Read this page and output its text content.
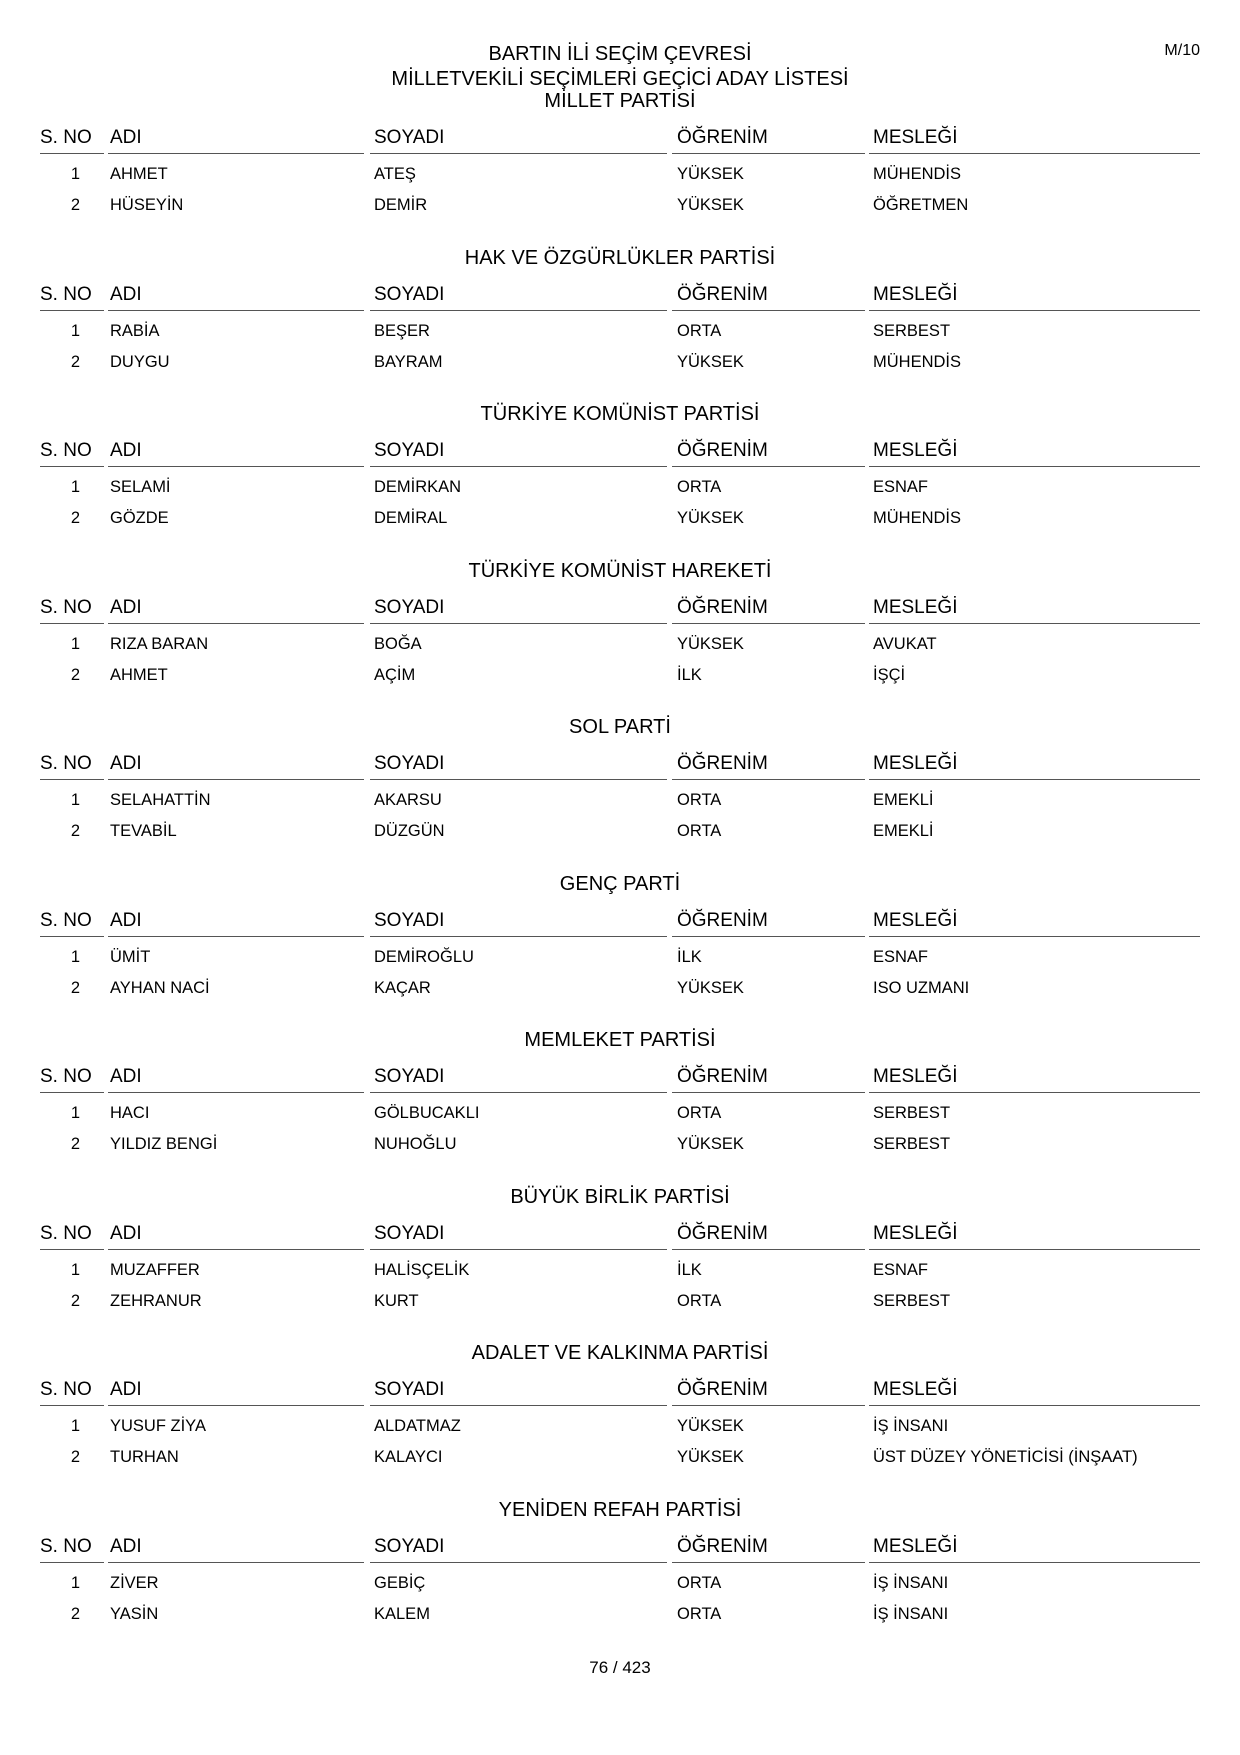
M/10
BARTIN İLİ SEÇİM ÇEVRESİ
MİLLETVEKİLİ SEÇİMLERİ GEÇİCİ ADAY LİSTESİ
MİLLET PARTİSİ
S. NO ADI	SOYADI	ÖĞRENİM	MESLEĞİ
1 AHMET	ATEŞ	YÜKSEK	MÜHENDİS
2 HÜSEYİN	DEMİR	YÜKSEK	ÖĞRETMEN
HAK VE ÖZGÜRLÜKLER PARTİSİ
S. NO ADI	SOYADI	ÖĞRENİM	MESLEĞİ
1 RABİA	BEŞER	ORTA	SERBEST
2 DUYGU	BAYRAM	YÜKSEK	MÜHENDİS
TÜRKİYE KOMÜNİST PARTİSİ
S. NO ADI	SOYADI	ÖĞRENİM	MESLEĞİ
1 SELAMİ	DEMİRKAN	ORTA	ESNAF
2 GÖZDE	DEMİRAL	YÜKSEK	MÜHENDİS
TÜRKİYE KOMÜNİST HAREKETİ
S. NO ADI	SOYADI	ÖĞRENİM	MESLEĞİ
1 RIZA BARAN	BOĞA	YÜKSEK	AVUKAT
2 AHMET	AÇİM	İLK	İŞÇİ
SOL PARTİ
S. NO ADI	SOYADI	ÖĞRENİM	MESLEĞİ
1 SELAHATTİN	AKARSU	ORTA	EMEKLİ
2 TEVABİL	DÜZGÜN	ORTA	EMEKLİ
GENÇ PARTİ
S. NO ADI	SOYADI	ÖĞRENİM	MESLEĞİ
1 ÜMİT	DEMİROĞLU	İLK	ESNAF
2 AYHAN NACİ	KAÇAR	YÜKSEK	ISO UZMANI
MEMLEKET PARTİSİ
S. NO ADI	SOYADI	ÖĞRENİM	MESLEĞİ
1 HACI	GÖLBUCAKLI	ORTA	SERBEST
2 YILDIZ BENGİ	NUHOĞLU	YÜKSEK	SERBEST
BÜYÜK BİRLİK PARTİSİ
S. NO ADI	SOYADI	ÖĞRENİM	MESLEĞİ
1 MUZAFFER	HALİSÇELİK	İLK	ESNAF
2 ZEHRANUR	KURT	ORTA	SERBEST
ADALET VE KALKINMA PARTİSİ
S. NO ADI	SOYADI	ÖĞRENİM	MESLEĞİ
1 YUSUF ZİYA	ALDATMAZ	YÜKSEK	İŞ İNSANI
2 TURHAN	KALAYCI	YÜKSEK	ÜST DÜZEY YÖNETİCİSİ (İNŞAAT)
YENİDEN REFAH PARTİSİ
S. NO ADI	SOYADI	ÖĞRENİM	MESLEĞİ
1 ZİVER	GEBİÇ	ORTA	İŞ İNSANI
2 YASİN	KALEM	ORTA	İŞ İNSANI
76 / 423
